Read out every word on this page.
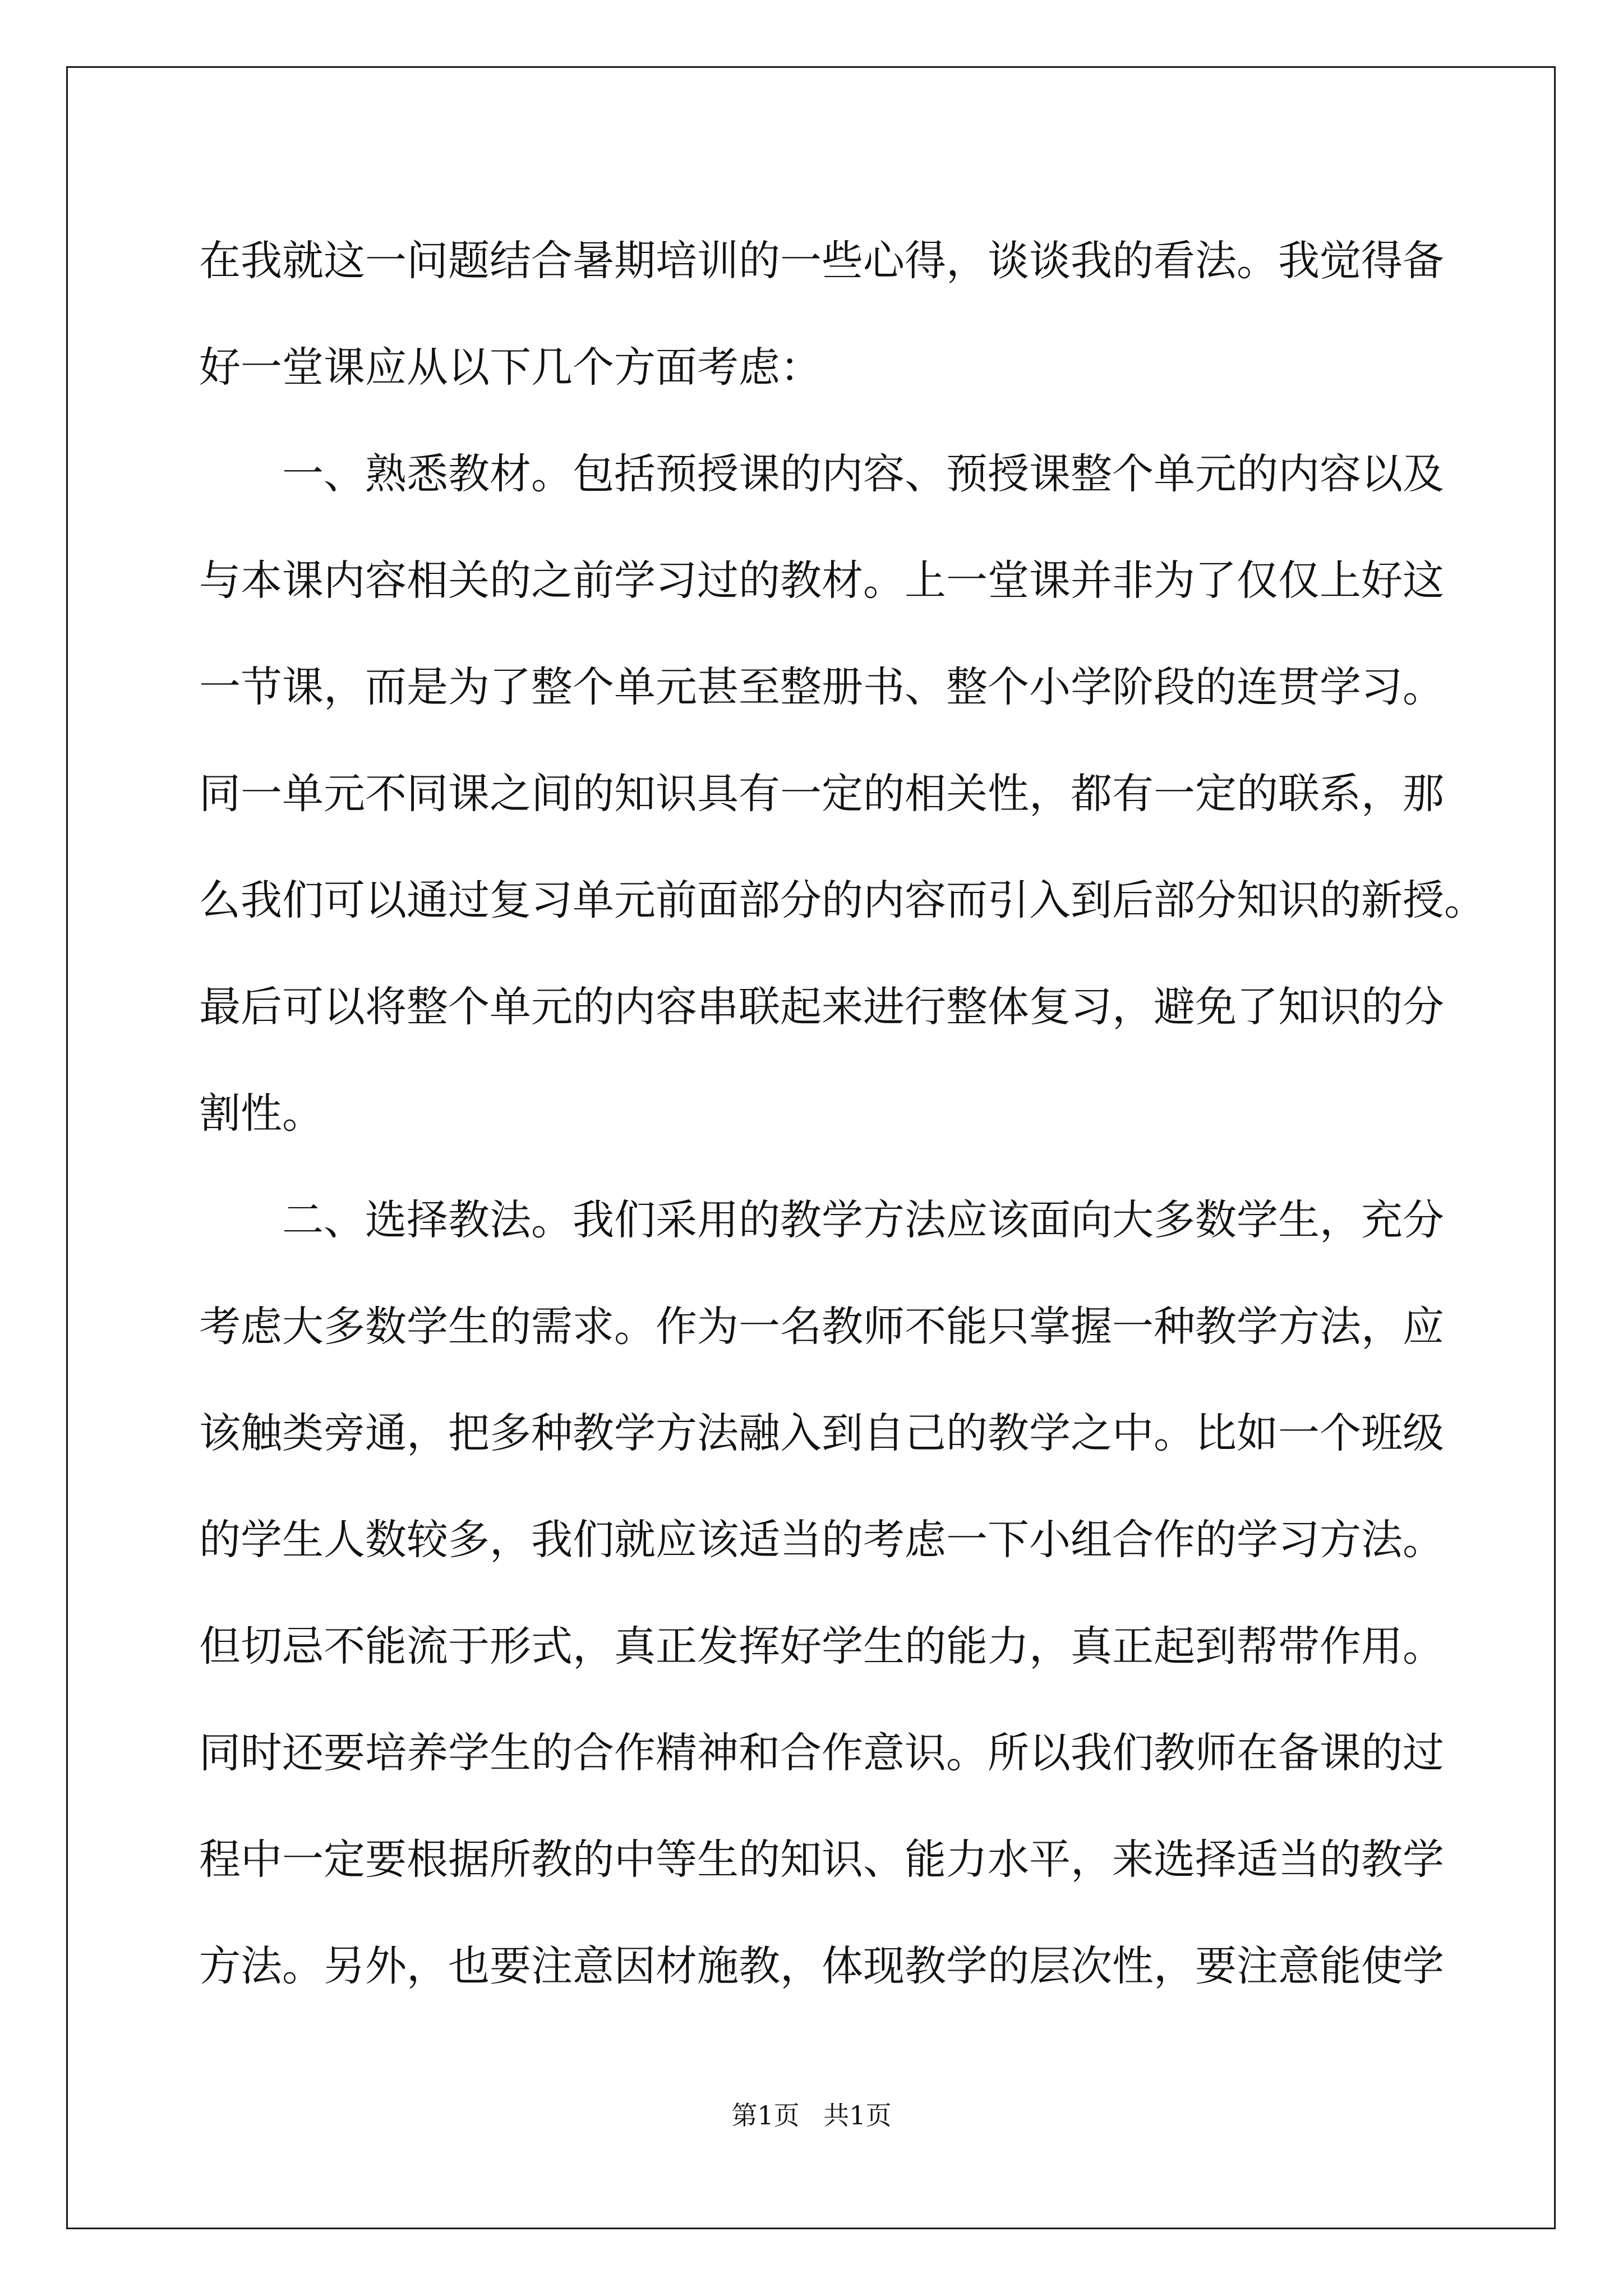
在我就这一问题结合暑期培训的一些心得，谈谈我的看法。我觉得备
好一堂课应从以下几个方面考虑：
一、熟悉教材。包括预授课的内容、预授课整个单元的内容以及
与本课内容相关的之前学习过的教材。上一堂课并非为了仅仅上好这
一节课，而是为了整个单元甚至整册书、整个小学阶段的连贯学习。
同一单元不同课之间的知识具有一定的相关性，都有一定的联系，那
么我们可以通过复习单元前面部分的内容而引入到后部分知识的新授。
最后可以将整个单元的内容串联起来进行整体复习，避免了知识的分
割性。
二、选择教法。我们采用的教学方法应该面向大多数学生，充分
考虑大多数学生的需求。作为一名教师不能只掌握一种教学方法，应
该触类旁通，把多种教学方法融入到自己的教学之中。比如一个班级
的学生人数较多，我们就应该适当的考虑一下小组合作的学习方法。
但切忌不能流于形式，真正发挥好学生的能力，真正起到帮带作用。
同时还要培养学生的合作精神和合作意识。所以我们教师在备课的过
程中一定要根据所教的中等生的知识、能力水平，来选择适当的教学
方法。另外，也要注意因材施教，体现教学的层次性，要注意能使学
第1页 共1页
